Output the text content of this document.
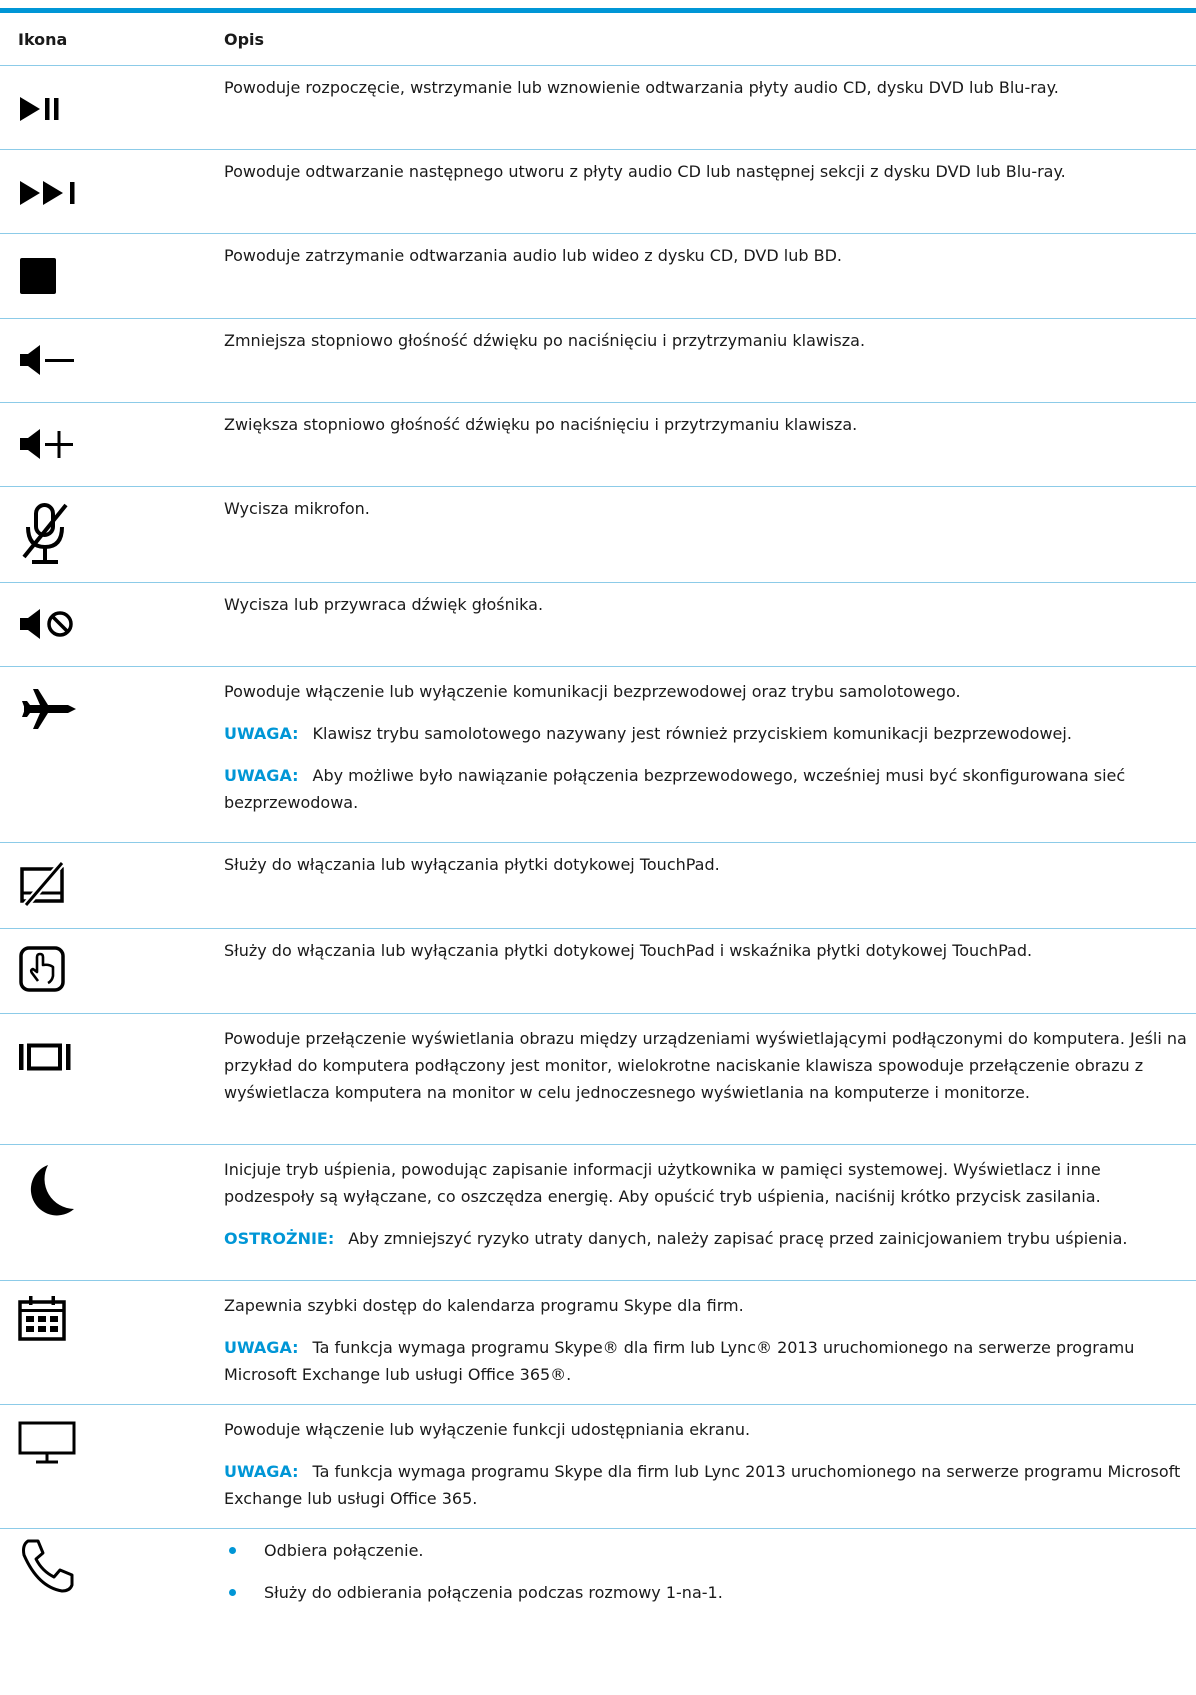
Ikona	Opis

Powoduje rozpoczęcie, wstrzymanie lub wznowienie odtwarzania płyty audio CD, dysku DVD lub Blu-ray.

Powoduje odtwarzanie następnego utworu z płyty audio CD lub następnej sekcji z dysku DVD lub Blu-ray.

Powoduje zatrzymanie odtwarzania audio lub wideo z dysku CD, DVD lub BD.

Zmniejsza stopniowo głośność dźwięku po naciśnięciu i przytrzymaniu klawisza.

Zwiększa stopniowo głośność dźwięku po naciśnięciu i przytrzymaniu klawisza.

Wycisza mikrofon.

Wycisza lub przywraca dźwięk głośnika.

Powoduje włączenie lub wyłączenie komunikacji bezprzewodowej oraz trybu samolotowego.

UWAGA: Klawisz trybu samolotowego nazywany jest również przyciskiem komunikacji bezprzewodowej.

UWAGA: Aby możliwe było nawiązanie połączenia bezprzewodowego, wcześniej musi być skonfigurowana sieć bezprzewodowa.

Służy do włączania lub wyłączania płytki dotykowej TouchPad.

Służy do włączania lub wyłączania płytki dotykowej TouchPad i wskaźnika płytki dotykowej TouchPad.

Powoduje przełączenie wyświetlania obrazu między urządzeniami wyświetlającymi podłączonymi do komputera. Jeśli na przykład do komputera podłączony jest monitor, wielokrotne naciskanie klawisza spowoduje przełączenie obrazu z wyświetlacza komputera na monitor w celu jednoczesnego wyświetlania na komputerze i monitorze.

Inicjuje tryb uśpienia, powodując zapisanie informacji użytkownika w pamięci systemowej. Wyświetlacz i inne podzespoły są wyłączane, co oszczędza energię. Aby opuścić tryb uśpienia, naciśnij krótko przycisk zasilania.

OSTROŻNIE: Aby zmniejszyć ryzyko utraty danych, należy zapisać pracę przed zainicjowaniem trybu uśpienia.

Zapewnia szybki dostęp do kalendarza programu Skype dla firm.

UWAGA: Ta funkcja wymaga programu Skype® dla firm lub Lync® 2013 uruchomionego na serwerze programu Microsoft Exchange lub usługi Office 365®.

Powoduje włączenie lub wyłączenie funkcji udostępniania ekranu.

UWAGA: Ta funkcja wymaga programu Skype dla firm lub Lync 2013 uruchomionego na serwerze programu Microsoft Exchange lub usługi Office 365.

Odbiera połączenie.
Służy do odbierania połączenia podczas rozmowy 1-na-1.
